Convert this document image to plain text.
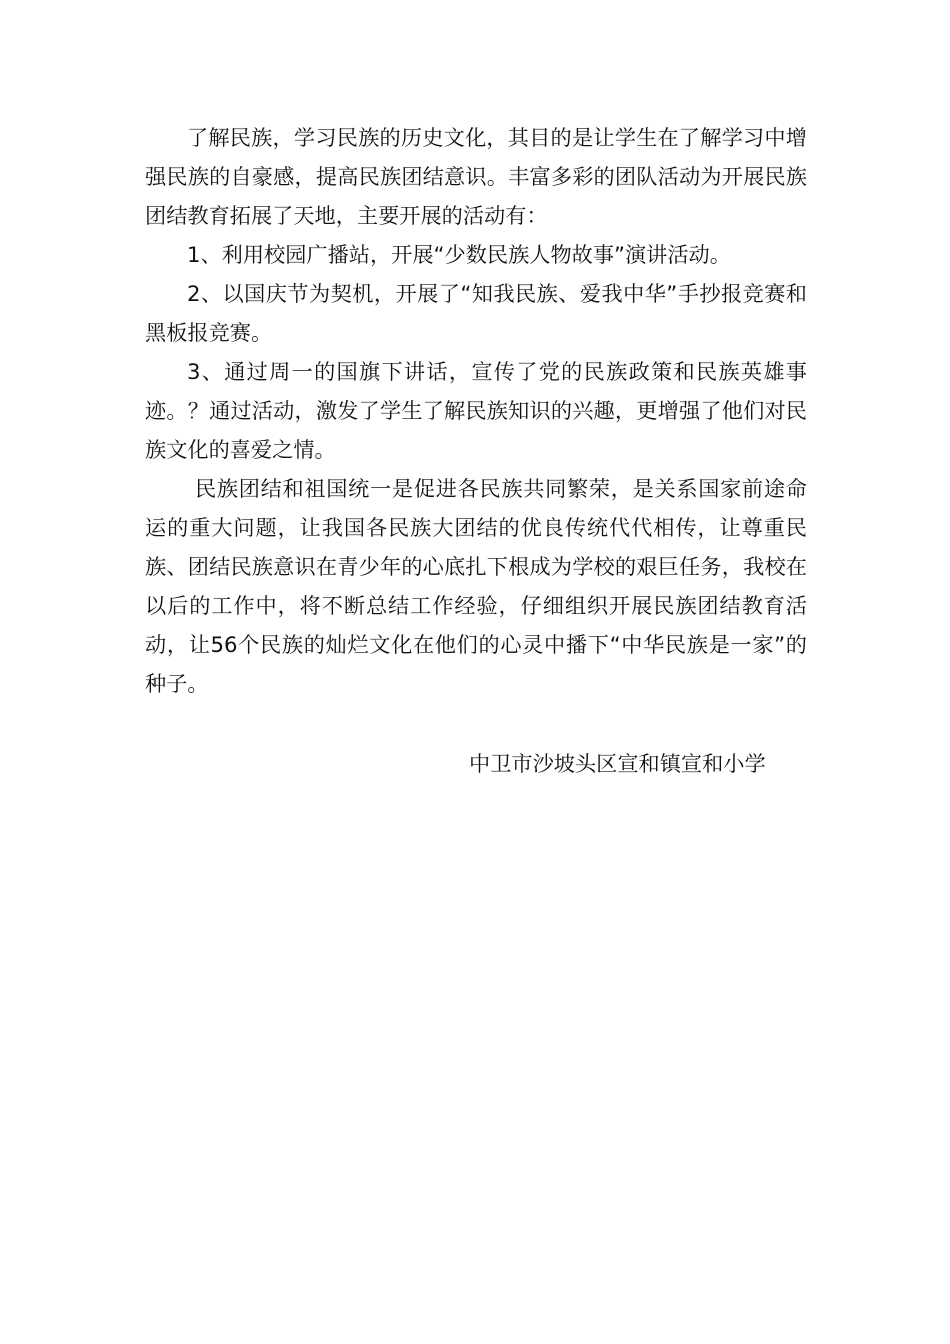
了解民族，学习民族的历史文化，其目的是让学生在了解学习中增强民族的自豪感，提高民族团结意识。丰富多彩的团队活动为开展民族团结教育拓展了天地，主要开展的活动有：

1、利用校园广播站，开展“少数民族人物故事”演讲活动。

2、以国庆节为契机，开展了“知我民族、爱我中华”手抄报竞赛和黑板报竞赛。

3、通过周一的国旗下讲话，宣传了党的民族政策和民族英雄事迹。？通过活动，激发了学生了解民族知识的兴趣，更增强了他们对民族文化的喜爱之情。

民族团结和祖国统一是促进各民族共同繁荣，是关系国家前途命运的重大问题，让我国各民族大团结的优良传统代代相传，让尊重民族、团结民族意识在青少年的心底扎下根成为学校的艰巨任务，我校在以后的工作中，将不断总结工作经验，仔细组织开展民族团结教育活动，让56个民族的灿烂文化在他们的心灵中播下“中华民族是一家”的种子。

中卫市沙坡头区宣和镇宣和小学
